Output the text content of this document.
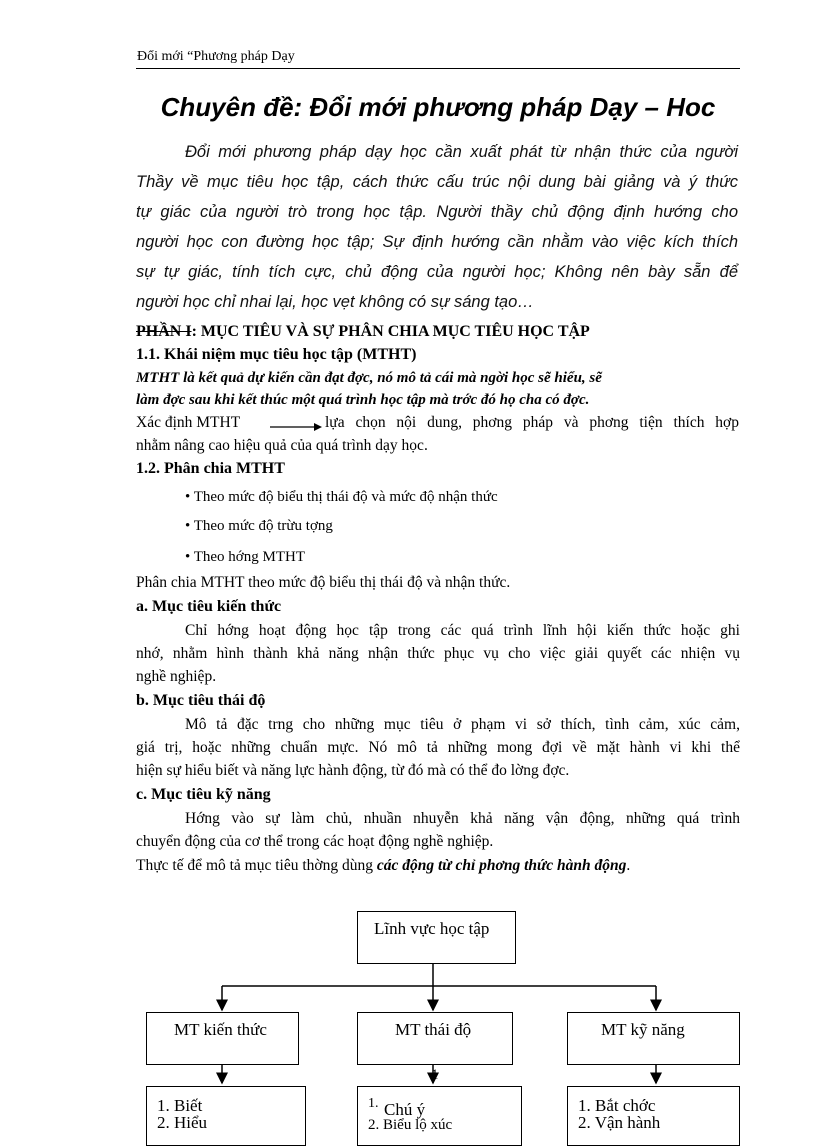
Đổi mới “Phương pháp Dạy
Chuyên đề: Đổi mới phương pháp Dạy – Hoc
Đổi mới phương pháp dạy học cần xuất phát từ nhận thức của người
Thầy về mục tiêu học tập, cách thức cấu trúc nội dung bài giảng và ý thức
tự giác của người trò trong học tập. Người thầy chủ động định hướng cho
người học con đường học tập; Sự định hướng cần nhằm vào việc kích thích
sự tự giác, tính tích cực, chủ động của người học; Không nên bày sẵn để
người học chỉ nhai lại, học vẹt không có sự sáng tạo…
PHẦN I: MỤC TIÊU VÀ SỰ PHÂN CHIA MỤC TIÊU HỌC TẬP
1.1. Khái niệm mục tiêu học tập (MTHT)
MTHT là kết quả dự kiến cần đạt đợc, nó mô tả cái mà ngời học sẽ hiểu, sẽ
làm đợc sau khi kết thúc một quá trình học tập mà trớc đó họ cha có đợc.
Xác định MTHT	lựa chọn nội dung, phơng pháp và phơng tiện thích hợp
nhằm nâng cao hiệu quả của quá trình dạy học.
1.2. Phân chia MTHT
• Theo mức độ biểu thị thái độ và mức độ nhận thức
• Theo mức độ trừu tợng
• Theo hớng MTHT
Phân chia MTHT theo mức độ biểu thị thái độ và nhận thức.
a. Mục tiêu kiến thức
Chỉ hớng hoạt động học tập trong các quá trình lĩnh hội kiến thức hoặc ghi
nhớ, nhằm hình thành khả năng nhận thức phục vụ cho việc giải quyết các nhiện vụ
nghề nghiệp.
b. Mục tiêu thái độ
Mô tả đặc trng cho những mục tiêu ở phạm vi sở thích, tình cảm, xúc cảm,
giá trị, hoặc những chuẩn mực. Nó mô tả những mong đợi về mặt hành vi khi thể
hiện sự hiểu biết và năng lực hành động, từ đó mà có thể đo lờng đợc.
c. Mục tiêu kỹ năng
Hớng vào sự làm chủ, nhuần nhuyễn khả năng vận động, những quá trình
chuyển động của cơ thể trong các hoạt động nghề nghiệp.
Thực tế để mô tả mục tiêu thờng dùng các động từ chỉ phơng thức hành động.
Lĩnh vực học tập
MT kiến thức	MT thái độ	MT kỹ năng
1. Biết
2. Hiểu
1. Chú ý
2. Biểu lộ xúc
1. Bắt chớc
2. Vận hành
1
